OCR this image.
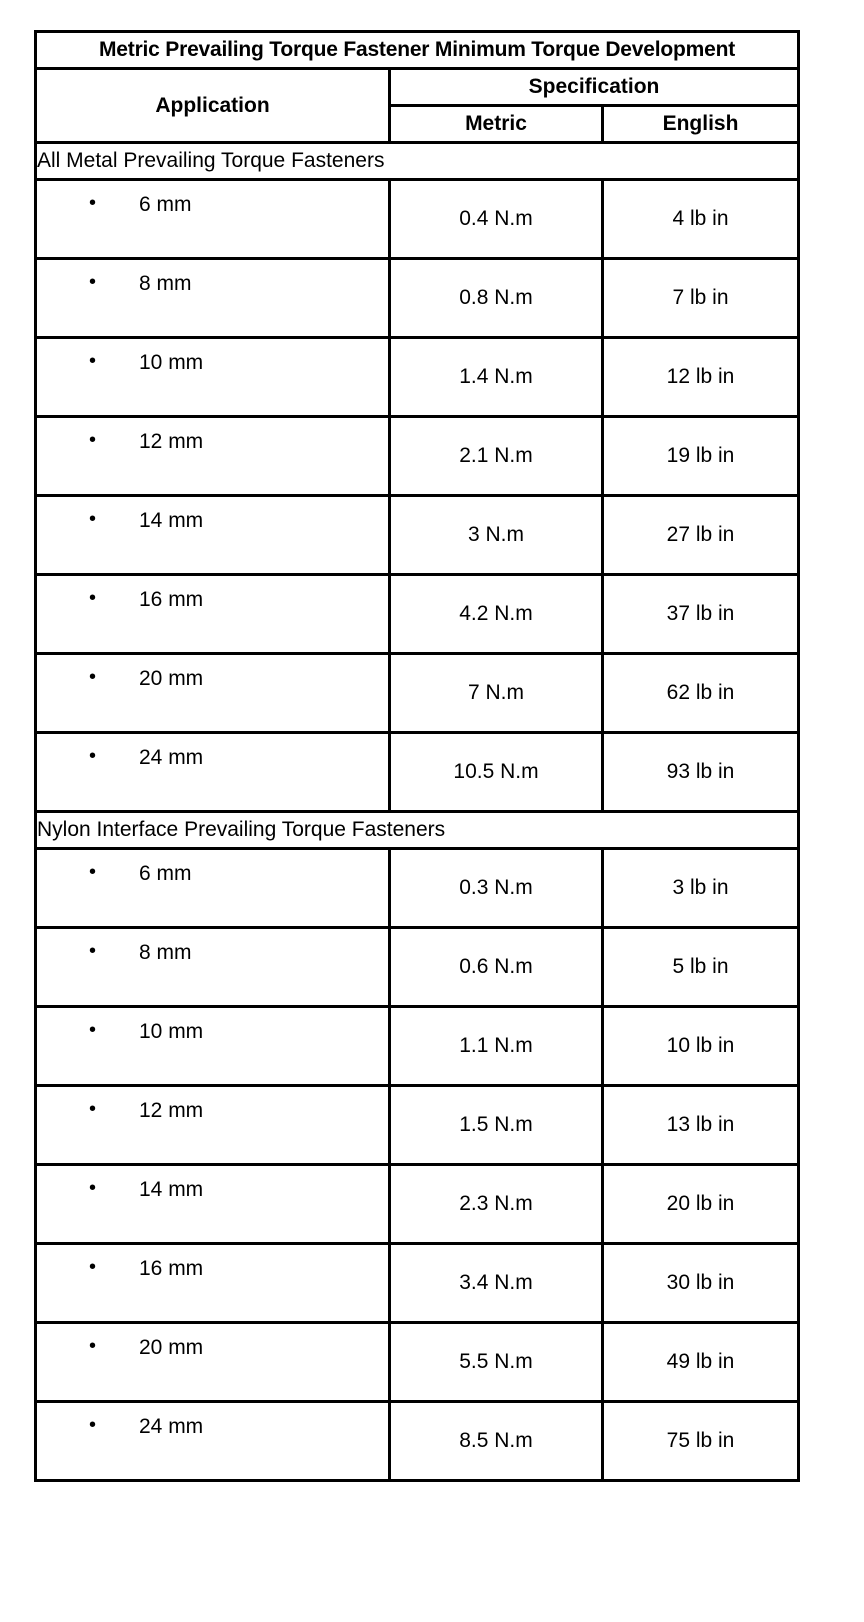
Metric Prevailing Torque Fastener Minimum Torque Development		
Application	Specification	
	Metric	English
All Metal Prevailing Torque Fasteners		

• 6 mm	0.4 N.m	4 lb in

• 8 mm	0.8 N.m	7 lb in

• 10 mm	1.4 N.m	12 lb in

• 12 mm	2.1 N.m	19 lb in

• 14 mm	3 N.m	27 lb in

• 16 mm	4.2 N.m	37 lb in

• 20 mm	7 N.m	62 lb in

• 24 mm	10.5 N.m	93 lb in
Nylon Interface Prevailing Torque Fasteners		

• 6 mm	0.3 N.m	3 lb in

• 8 mm	0.6 N.m	5 lb in

• 10 mm	1.1 N.m	10 lb in

• 12 mm	1.5 N.m	13 lb in

• 14 mm	2.3 N.m	20 lb in

• 16 mm	3.4 N.m	30 lb in

• 20 mm	5.5 N.m	49 lb in

• 24 mm	8.5 N.m	75 lb in
